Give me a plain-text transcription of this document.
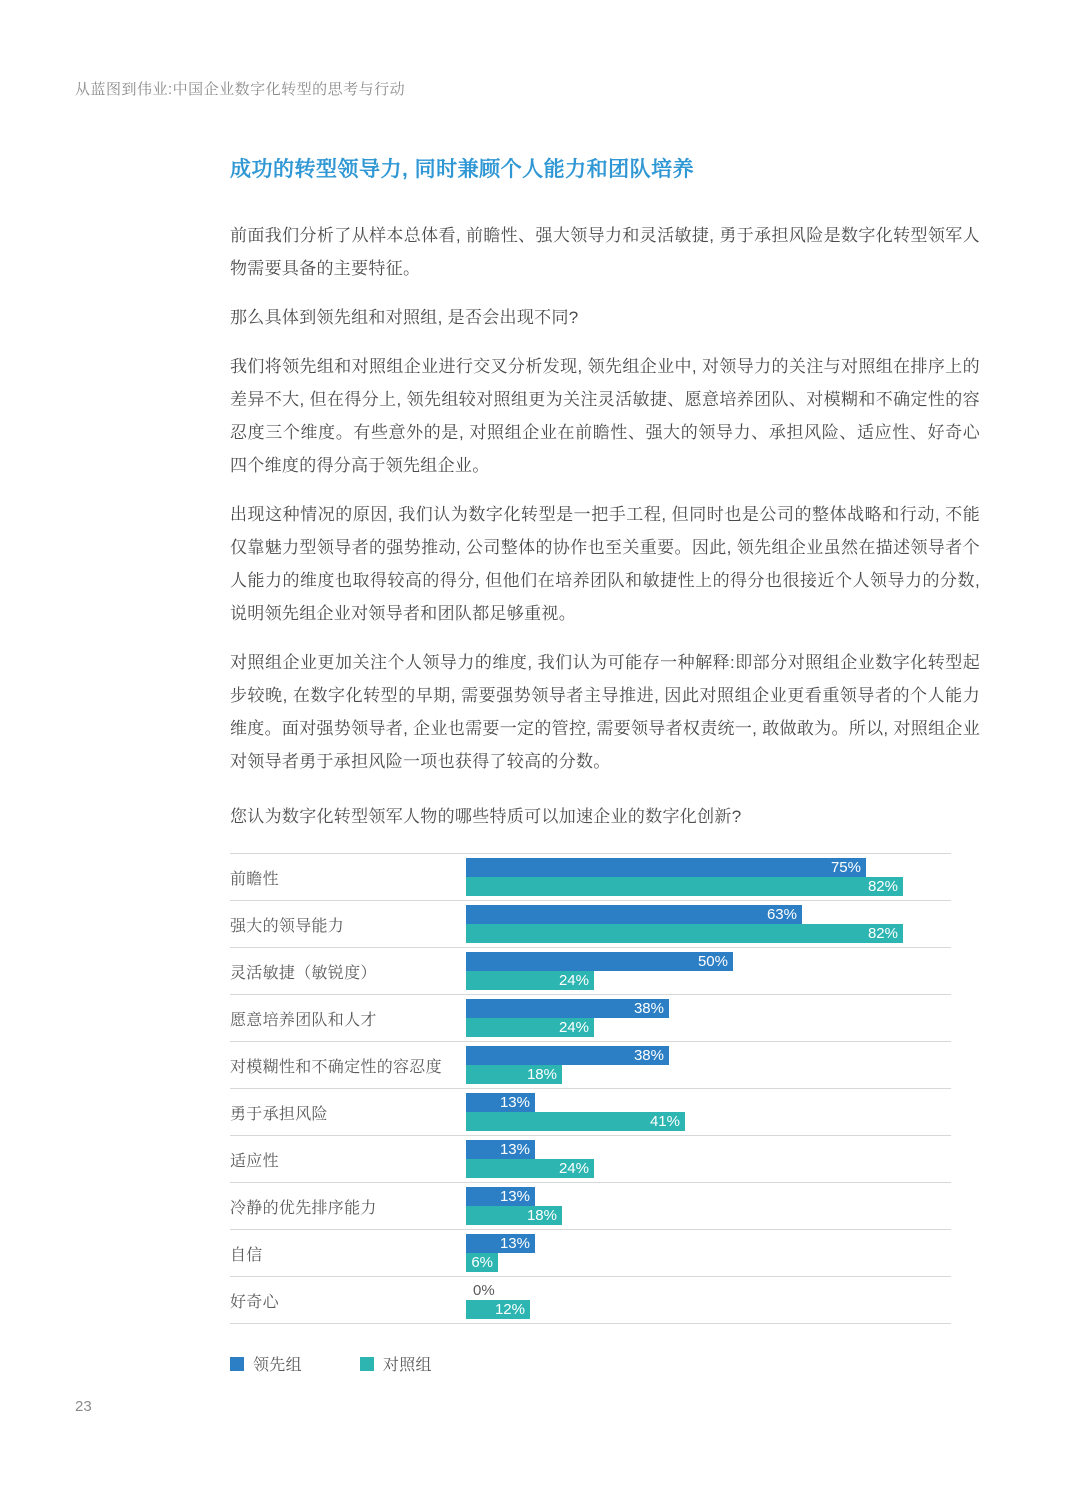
从蓝图到伟业:中国企业数字化转型的思考与行动
成功的转型领导力, 同时兼顾个人能力和团队培养

前面我们分析了从样本总体看, 前瞻性、强大领导力和灵活敏捷, 勇于承担风险是数字化转型领军人物需要具备的主要特征。

那么具体到领先组和对照组, 是否会出现不同?

我们将领先组和对照组企业进行交叉分析发现, 领先组企业中, 对领导力的关注与对照组在排序上的差异不大, 但在得分上, 领先组较对照组更为关注灵活敏捷、愿意培养团队、对模糊和不确定性的容忍度三个维度。有些意外的是, 对照组企业在前瞻性、强大的领导力、承担风险、适应性、好奇心四个维度的得分高于领先组企业。

出现这种情况的原因, 我们认为数字化转型是一把手工程, 但同时也是公司的整体战略和行动, 不能仅靠魅力型领导者的强势推动, 公司整体的协作也至关重要。因此, 领先组企业虽然在描述领导者个人能力的维度也取得较高的得分, 但他们在培养团队和敏捷性上的得分也很接近个人领导力的分数, 说明领先组企业对领导者和团队都足够重视。

对照组企业更加关注个人领导力的维度, 我们认为可能存一种解释:即部分对照组企业数字化转型起步较晚, 在数字化转型的早期, 需要强势领导者主导推进, 因此对照组企业更看重领导者的个人能力维度。面对强势领导者, 企业也需要一定的管控, 需要领导者权责统一, 敢做敢为。所以, 对照组企业对领导者勇于承担风险一项也获得了较高的分数。

您认为数字化转型领军人物的哪些特质可以加速企业的数字化创新?
前瞻性
75%
82%
强大的领导能力
63%
82%
灵活敏捷（敏锐度）
50%
24%
愿意培养团队和人才
38%
24%
对模糊性和不确定性的容忍度
38%
18%
勇于承担风险
13%
41%
适应性
13%
24%
冷静的优先排序能力
13%
18%
自信
13%
6%
好奇心
0%
12%
领先组	对照组
23
